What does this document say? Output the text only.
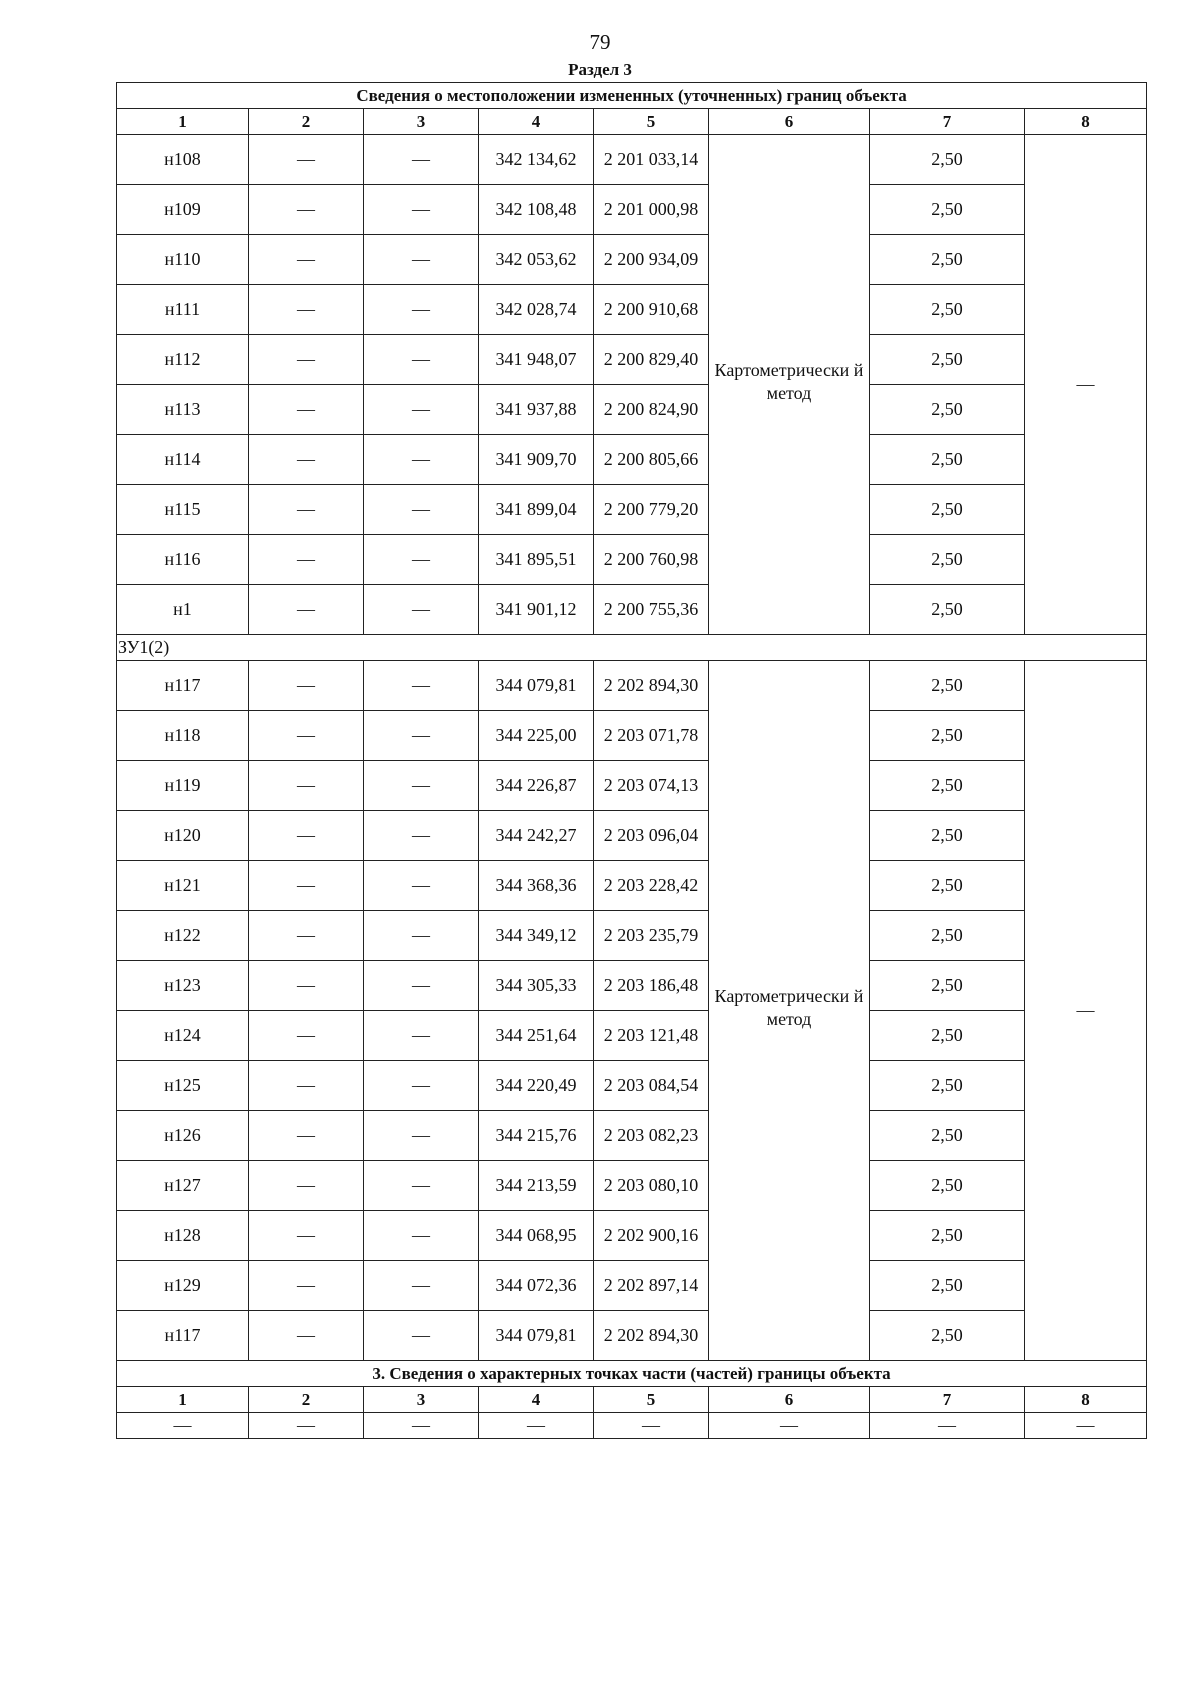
79
Раздел 3
Сведения о местоположении измененных (уточненных) границ объекта							
1	2	3	4	5	6	7	8
н108	—	—	342 134,62	2 201 033,14	Картометрически й метод	2,50	—
н109	—	—	342 108,48	2 201 000,98		2,50	
н110	—	—	342 053,62	2 200 934,09		2,50	
н111	—	—	342 028,74	2 200 910,68		2,50	
н112	—	—	341 948,07	2 200 829,40		2,50	
н113	—	—	341 937,88	2 200 824,90		2,50	
н114	—	—	341 909,70	2 200 805,66		2,50	
н115	—	—	341 899,04	2 200 779,20		2,50	
н116	—	—	341 895,51	2 200 760,98		2,50	
н1	—	—	341 901,12	2 200 755,36		2,50	
ЗУ1(2)							
н117	—	—	344 079,81	2 202 894,30	Картометрически й метод	2,50	—
н118	—	—	344 225,00	2 203 071,78		2,50	
н119	—	—	344 226,87	2 203 074,13		2,50	
н120	—	—	344 242,27	2 203 096,04		2,50	
н121	—	—	344 368,36	2 203 228,42		2,50	
н122	—	—	344 349,12	2 203 235,79		2,50	
н123	—	—	344 305,33	2 203 186,48		2,50	
н124	—	—	344 251,64	2 203 121,48		2,50	
н125	—	—	344 220,49	2 203 084,54		2,50	
н126	—	—	344 215,76	2 203 082,23		2,50	
н127	—	—	344 213,59	2 203 080,10		2,50	
н128	—	—	344 068,95	2 202 900,16		2,50	
н129	—	—	344 072,36	2 202 897,14		2,50	
н117	—	—	344 079,81	2 202 894,30		2,50	
3. Сведения о характерных точках части (частей) границы объекта							
1	2	3	4	5	6	7	8
—	—	—	—	—	—	—	—
